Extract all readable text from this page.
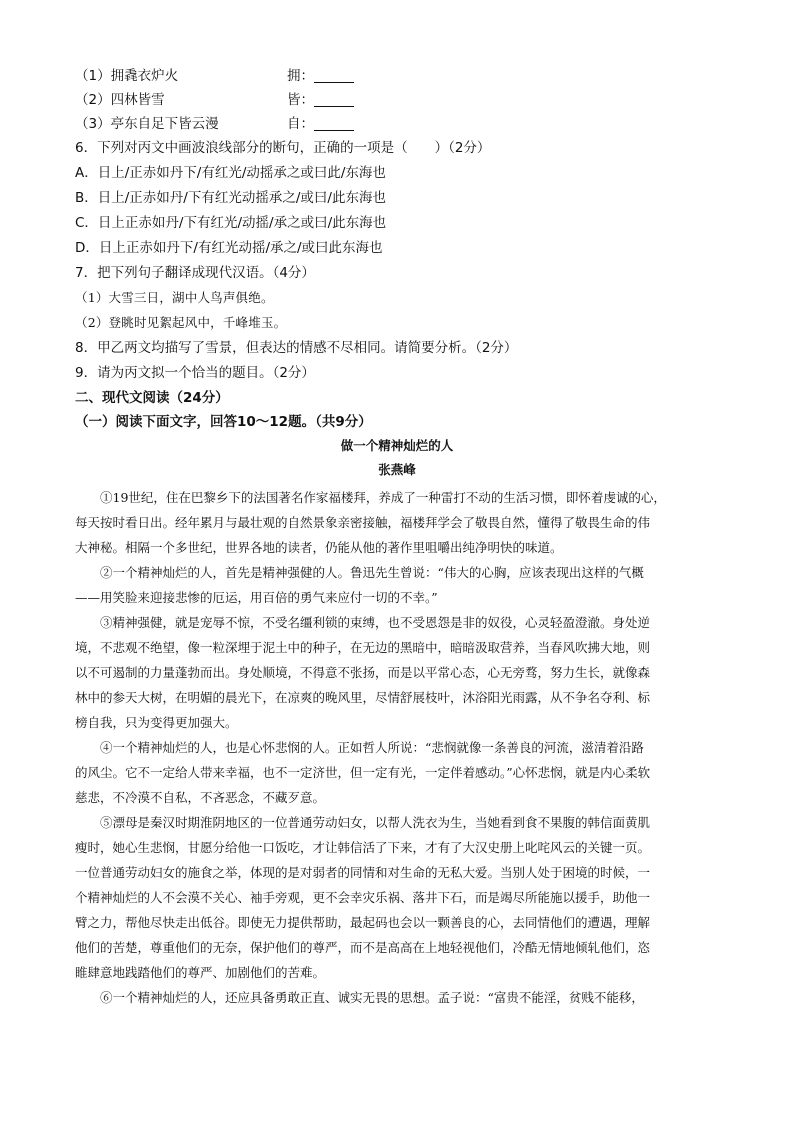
（1）拥毳衣炉火	拥：
（2）四林皆雪	皆：
（3）亭东自足下皆云漫	自：
6．下列对丙文中画波浪线部分的断句，正确的一项是（　　）（2分）
A．日上/正赤如丹下/有红光/动摇承之或曰此/东海也
B．日上/正赤如丹/下有红光动摇承之/或曰/此东海也
C．日上正赤如丹/下有红光/动摇/承之或曰/此东海也
D．日上正赤如丹下/有红光动摇/承之/或曰此东海也
7．把下列句子翻译成现代汉语。（4分）
（1）大雪三日，湖中人鸟声俱绝。
（2）登眺时见絮起风中，千峰堆玉。
8．甲乙两文均描写了雪景，但表达的情感不尽相同。请简要分析。（2分）
9．请为丙文拟一个恰当的题目。（2分）
二、现代文阅读（24分）
（一）阅读下面文字，回答10～12题。（共9分）
做一个精神灿烂的人
张燕峰
①19世纪，住在巴黎乡下的法国著名作家福楼拜，养成了一种雷打不动的生活习惯，即怀着虔诚的心，
每天按时看日出。经年累月与最壮观的自然景象亲密接触，福楼拜学会了敬畏自然，懂得了敬畏生命的伟
大神秘。相隔一个多世纪，世界各地的读者，仍能从他的著作里咀嚼出纯净明快的味道。
②一个精神灿烂的人，首先是精神强健的人。鲁迅先生曾说：“伟大的心胸，应该表现出这样的气概
——用笑脸来迎接悲惨的厄运，用百倍的勇气来应付一切的不幸。”
③精神强健，就是宠辱不惊，不受名缰利锁的束缚，也不受恩怨是非的奴役，心灵轻盈澄澈。身处逆
境，不悲观不绝望，像一粒深埋于泥土中的种子，在无边的黑暗中，暗暗汲取营养，当春风吹拂大地，则
以不可遏制的力量蓬勃而出。身处顺境，不得意不张扬，而是以平常心态，心无旁骛，努力生长，就像森
林中的参天大树，在明媚的晨光下，在凉爽的晚风里，尽情舒展枝叶，沐浴阳光雨露，从不争名夺利、标
榜自我，只为变得更加强大。
④一个精神灿烂的人，也是心怀悲悯的人。正如哲人所说：“悲悯就像一条善良的河流，滋清着沿路
的风尘。它不一定给人带来幸福，也不一定济世，但一定有光，一定伴着感动。”心怀悲悯，就是内心柔软
慈悲，不冷漠不自私，不吝恶念，不藏歹意。
⑤漂母是秦汉时期淮阴地区的一位普通劳动妇女，以帮人洗衣为生，当她看到食不果腹的韩信面黄肌
瘦时，她心生悲悯，甘愿分给他一口饭吃，才让韩信活了下来，才有了大汉史册上叱咤风云的关键一页。
一位普通劳动妇女的施食之举，体现的是对弱者的同情和对生命的无私大爱。当别人处于困境的时候，一
个精神灿烂的人不会漠不关心、袖手旁观，更不会幸灾乐祸、落井下石，而是竭尽所能施以援手，助他一
臂之力，帮他尽快走出低谷。即使无力提供帮助，最起码也会以一颗善良的心，去同情他们的遭遇，理解
他们的苦楚，尊重他们的无奈，保护他们的尊严，而不是高高在上地轻视他们，冷酷无情地倾轧他们，恣
睢肆意地践踏他们的尊严、加剧他们的苦难。
⑥一个精神灿烂的人，还应具备勇敢正直、诚实无畏的思想。孟子说：“富贵不能淫，贫贱不能移，
